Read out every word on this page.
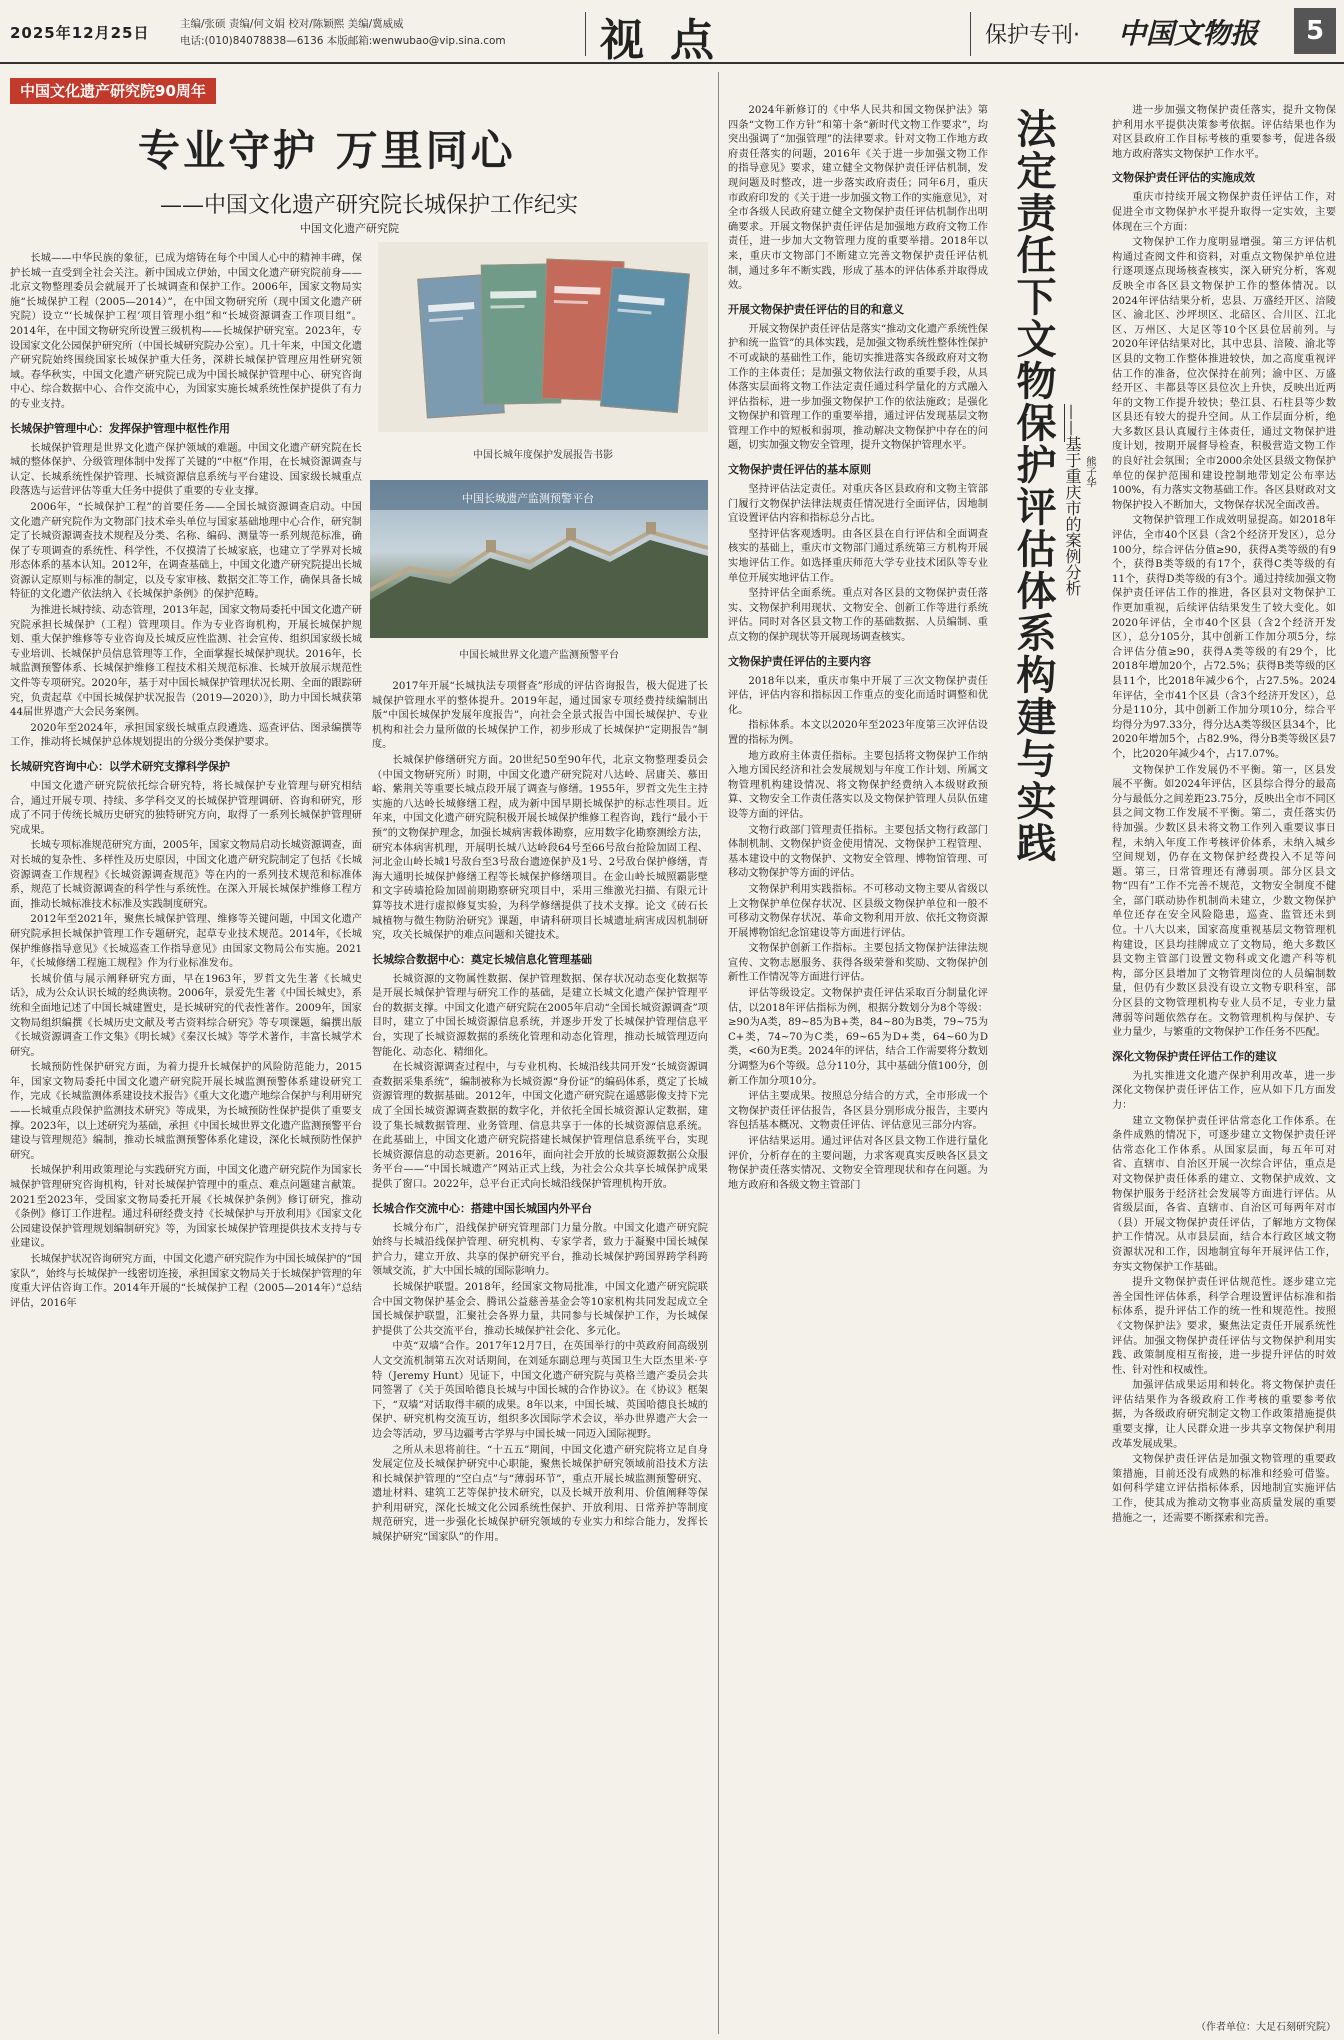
2025年12月25日	主编/张硕 责编/何文娟 校对/陈颖熙 美编/冀威威
电话:(010)84078838—6136 本版邮箱:wenwubao@vip.sina.com 视点	保护专刊· 中国文物报	5
中国文化遗产研究院90周年
专业守护 万里同心
——中国文化遗产研究院长城保护工作纪实
中国文化遗产研究院

长城——中华民族的象征，已成为熔铸在每个中国人心中的精神丰碑，保护长城一直受到全社会关注。新中国成立伊始，中国文化遗产研究院前身——北京文物整理委员会就展开了长城调查和保护工作。2006年，国家文物局实施“长城保护工程（2005—2014）”，在中国文物研究所（现中国文化遗产研究院）设立“‘长城保护工程’项目管理小组”和“长城资源调查工作项目组”。2014年，在中国文物研究所设置三级机构——长城保护研究室。2023年，专设国家文化公园保护研究所（中国长城研究院办公室）。几十年来，中国文化遗产研究院始终围绕国家长城保护重大任务，深耕长城保护管理应用性研究领域。春华秋实，中国文化遗产研究院已成为中国长城保护管理中心、研究咨询中心、综合数据中心、合作交流中心，为国家实施长城系统性保护提供了有力的专业支持。

长城保护管理中心：发挥保护管理中枢性作用

长城保护管理是世界文化遗产保护领域的难题。中国文化遗产研究院在长城的整体保护、分级管理体制中发挥了关键的“中枢”作用，在长城资源调查与认定、长城系统性保护管理、长城资源信息系统与平台建设、国家级长城重点段落选与运营评估等重大任务中提供了重要的专业支撑。

2006年，“长城保护工程”的首要任务——全国长城资源调查启动。中国文化遗产研究院作为文物部门技术牵头单位与国家基础地理中心合作，研究制定了长城资源调查技术规程及分类、名称、编码、测量等一系列规范标准，确保了专项调查的系统性、科学性，不仅摸清了长城家底，也建立了学界对长城形态体系的基本认知。2012年，在调查基础上，中国文化遗产研究院提出长城资源认定原则与标准的制定，以及专家审核、数据交汇等工作，确保具备长城特征的文化遗产依法纳入《长城保护条例》的保护范畴。

为推进长城持续、动态管理，2013年起，国家文物局委托中国文化遗产研究院承担长城保护（工程）管理项目。作为专业咨询机构，开展长城保护规划、重大保护维修等专业咨询及长城反应性监测、社会宣传、组织国家级长城专业培训、长城保护员信息管理等工作，全面掌握长城保护现状。2016年，长城监测预警体系、长城保护维修工程技术相关规范标准、长城开放展示规范性文件等专项研究。2020年，基于对中国长城保护管理状况长期、全面的跟踪研究，负责起草《中国长城保护状况报告（2019—2020）》，助力中国长城获第44届世界遗产大会民务案例。

2020年至2024年，承担国家级长城重点段遴选、巡查评估、图录编撰等工作，推动将长城保护总体规划提出的分级分类保护要求。

长城研究咨询中心：以学术研究支撑科学保护

中国文化遗产研究院依托综合研究特，将长城保护专业管理与研究相结合，通过开展专项、持续、多学科交叉的长城保护管理调研、咨询和研究，形成了不同于传统长城历史研究的独特研究方向，取得了一系列长城保护管理研究成果。

长城专项标准规范研究方面，2005年，国家文物局启动长城资源调查，面对长城的复杂性、多样性及历史原因，中国文化遗产研究院制定了包括《长城资源调查工作规程》《长城资源调查规范》等在内的一系列技术规范和标准体系，规范了长城资源调查的科学性与系统性。在深入开展长城保护维修工程方面，推动长城标准技术标准及实践制度研究。

2012年至2021年，聚焦长城保护管理、维修等关键问题，中国文化遗产研究院承担长城保护管理工作专题研究，起草专业技术规范。2014年，《长城保护维修指导意见》《长城巡查工作指导意见》由国家文物局公布实施。2021年，《长城修缮工程施工规程》作为行业标准发布。

长城价值与展示阐释研究方面，早在1963年，罗哲文先生著《长城史话》，成为公众认识长城的经典读物。2006年，景爱先生著《中国长城史》，系统和全面地记述了中国长城建置史，是长城研究的代表性著作。2009年，国家文物局组织编撰《长城历史文献及考古资料综合研究》等专项课题，编撰出版《长城资源调查工作文集》《明长城》《秦汉长城》等学术著作，丰富长城学术研究。

长城预防性保护研究方面，为着力提升长城保护的风险防范能力，2015年，国家文物局委托中国文化遗产研究院开展长城监测预警体系建设研究工作，完成《长城监测体系建设技术报告》《重大文化遗产地综合保护与利用研究——长城重点段保护监测技术研究》等成果，为长城预防性保护提供了重要支撑。2023年，以上述研究为基础，承担《中国长城世界文化遗产监测预警平台建设与管理规范》编制，推动长城监测预警体系化建设，深化长城预防性保护研究。

长城保护利用政策理论与实践研究方面，中国文化遗产研究院作为国家长城保护管理研究咨询机构，针对长城保护管理中的重点、难点问题建言献策。2021至2023年，受国家文物局委托开展《长城保护条例》修订研究，推动《条例》修订工作进程。通过科研经费支持《长城保护与开放利用》《国家文化公园建设保护管理规划编制研究》等，为国家长城保护管理提供技术支持与专业建议。

长城保护状况咨询研究方面，中国文化遗产研究院作为中国长城保护的“国家队”，始终与长城保护一线密切连接，承担国家文物局关于长城保护管理的年度重大评估咨询工作。2014年开展的“长城保护工程（2005—2014年）”总结评估，2016年

中国长城年度保护发展报告书影
中国长城遗产监测预警平台
中国长城世界文化遗产监测预警平台

2017年开展“长城执法专项督查”形成的评估咨询报告，极大促进了长城保护管理水平的整体提升。2019年起，通过国家专项经费持续编制出版“中国长城保护发展年度报告”，向社会全景式报告中国长城保护、专业机构和社会力量所做的长城保护工作，初步形成了长城保护“定期报告”制度。

长城保护修缮研究方面。20世纪50至90年代，北京文物整理委员会（中国文物研究所）时期，中国文化遗产研究院对八达岭、居庸关、慕田峪、紫荆关等重要长城点段开展了调查与修缮。1955年，罗哲文先生主持实施的八达岭长城修缮工程，成为新中国早期长城保护的标志性项目。近年来，中国文化遗产研究院积极开展长城保护维修工程咨询，践行“最小干预”的文物保护理念，加强长城病害载体勘察，应用数字化勘察测绘方法，研究本体病害机理，开展明长城八达岭段64号至66号敌台抢险加固工程、河北金山岭长城1号敌台至3号敌台遗迹保护及1号、2号敌台保护修缮，青海大通明长城保护修缮工程等长城保护修缮项目。在金山岭长城照霸影壁和文字砖墙抢险加固前期勘察研究项目中，采用三维激光扫描、有限元计算等技术进行虚拟修复实验，为科学修缮提供了技术支撑。论文《砖石长城植物与微生物防治研究》课题，申请科研项目长城遗址病害成因机制研究，攻关长城保护的难点问题和关键技术。

长城综合数据中心：奠定长城信息化管理基础

长城资源的文物属性数据、保护管理数据、保存状况动态变化数据等是开展长城保护管理与研究工作的基础，是建立长城文化遗产保护管理平台的数据支撑。中国文化遗产研究院在2005年启动“全国长城资源调查”项目时，建立了中国长城资源信息系统，并逐步开发了长城保护管理信息平台，实现了长城资源数据的系统化管理和动态化管理，推动长城管理迈向智能化、动态化、精细化。

在长城资源调查过程中，与专业机构、长城沿线共同开发“长城资源调查数据采集系统”，编制被称为长城资源“身份证”的编码体系，奠定了长城资源管理的数据基础。2012年，中国文化遗产研究院在遥感影像支持下完成了全国长城资源调查数据的数字化，并依托全国长城资源认定数据，建设了集长城数据管理、业务管理、信息共享于一体的长城资源信息系统。在此基础上，中国文化遗产研究院搭建长城保护管理信息系统平台，实现长城资源信息的动态更新。2016年，面向社会开放的长城资源数据公众服务平台——“中国长城遗产”网站正式上线，为社会公众共享长城保护成果提供了窗口。2022年，总平台正式向长城沿线保护管理机构开放。

长城合作交流中心：搭建中国长城国内外平台

长城分布广，沿线保护研究管理部门力量分散。中国文化遗产研究院始终与长城沿线保护管理、研究机构、专家学者，致力于凝聚中国长城保护合力，建立开放、共享的保护研究平台，推动长城保护跨国界跨学科跨领域交流，扩大中国长城的国际影响力。

长城保护联盟。2018年，经国家文物局批准，中国文化遗产研究院联合中国文物保护基金会、腾讯公益慈善基金会等10家机构共同发起成立全国长城保护联盟，汇聚社会各界力量，共同参与长城保护工作，为长城保护提供了公共交流平台，推动长城保护社会化、多元化。

中英“双墙”合作。2017年12月7日，在英国举行的中英政府间高级别人文交流机制第五次对话期间，在刘延东副总理与英国卫生大臣杰里米·亨特（Jeremy Hunt）见证下，中国文化遗产研究院与英格兰遗产委员会共同签署了《关于英国哈德良长城与中国长城的合作协议》。在《协议》框架下，“双墙”对话取得丰硕的成果。8年以来，中国长城、英国哈德良长城的保护、研究机构交流互访，组织多次国际学术会议，举办世界遗产大会一边会等活动，罗马边疆考古学界与中国长城一同迈入国际视野。

之所从未思将前往。“十五五”期间，中国文化遗产研究院将立足自身发展定位及长城保护研究中心职能，聚焦长城保护研究领域前沿技术方法和长城保护管理的“空白点”与“薄弱环节”，重点开展长城监测预警研究、遗址材料、建筑工艺等保护技术研究，以及长城开放利用、价值阐释等保护利用研究，深化长城文化公园系统性保护、开放利用、日常养护等制度规范研究，进一步强化长城保护研究领域的专业实力和综合能力，发挥长城保护研究“国家队”的作用。

2024年新修订的《中华人民共和国文物保护法》第四条“文物工作方针”和第十条“新时代文物工作要求”，均突出强调了“加强管理”的法律要求。针对文物工作地方政府责任落实的问题，2016年《关于进一步加强文物工作的指导意见》要求，建立健全文物保护责任评估机制，发现问题及时整改，进一步落实政府责任；同年6月，重庆市政府印发的《关于进一步加强文物工作的实施意见》，对全市各级人民政府建立健全文物保护责任评估机制作出明确要求。开展文物保护责任评估是加强地方政府文物工作责任，进一步加大文物管理力度的重要举措。2018年以来，重庆市文物部门不断建立完善文物保护责任评估机制，通过多年不断实践，形成了基本的评估体系并取得成效。

开展文物保护责任评估的目的和意义

开展文物保护责任评估是落实“推动文化遗产系统性保护和统一监管”的具体实践，是加强文物系统性整体性保护不可或缺的基础性工作，能切实推进落实各级政府对文物工作的主体责任；是加强文物依法行政的重要手段，从具体落实层面将文物工作法定责任通过科学量化的方式融入评估指标，进一步加强文物保护工作的依法施政；是强化文物保护和管理工作的重要举措，通过评估发现基层文物管理工作中的短板和弱项，推动解决文物保护中存在的问题，切实加强文物安全管理，提升文物保护管理水平。

文物保护责任评估的基本原则

坚持评估法定责任。对重庆各区县政府和文物主管部门履行文物保护法律法规责任情况进行全面评估，因地制宜设置评估内容和指标总分占比。

坚持评估客观透明。由各区县在自行评估和全面调查核实的基础上，重庆市文物部门通过系统第三方机构开展实地评估工作。如选择重庆师范大学专业技术团队等专业单位开展实地评估工作。

坚持评估全面系统。重点对各区县的文物保护责任落实、文物保护利用现状、文物安全、创新工作等进行系统评估。同时对各区县文物工作的基础数据、人员编制、重点文物的保护现状等开展现场调查核实。

文物保护责任评估的主要内容

2018年以来，重庆市集中开展了三次文物保护责任评估，评估内容和指标因工作重点的变化而适时调整和优化。

指标体系。本文以2020年至2023年度第三次评估设置的指标为例。

地方政府主体责任指标。主要包括将文物保护工作纳入地方国民经济和社会发展规划与年度工作计划、所属文物管理机构建设情况、将文物保护经费纳入本级财政预算、文物安全工作责任落实以及文物保护管理人员队伍建设等方面的评估。

文物行政部门管理责任指标。主要包括文物行政部门体制机制、文物保护资金使用情况、文物保护工程管理、基本建设中的文物保护、文物安全管理、博物馆管理、可移动文物保护等方面的评估。

文物保护利用实践指标。不可移动文物主要从省级以上文物保护单位保存状况、区县级文物保护单位和一般不可移动文物保存状况、革命文物利用开放、依托文物资源开展博物馆纪念馆建设等方面进行评估。

文物保护创新工作指标。主要包括文物保护法律法规宣传、文物志愿服务、获得各级荣誉和奖励、文物保护创新性工作情况等方面进行评估。

评估等级设定。文物保护责任评估采取百分制量化评估，以2018年评估指标为例，根据分数划分为8个等级：≥90为A类，89~85为B+类，84~80为B类，79~75为C+类，74~70为C类，69~65为D+类，64~60为D类，<60为E类。2024年的评估，结合工作需要将分数划分调整为6个等级。总分110分，其中基础分值100分，创新工作加分项10分。

评估主要成果。按照总分结合的方式，全市形成一个文物保护责任评估报告，各区县分别形成分报告，主要内容包括基本概况、文物责任评估、评估意见三部分内容。

评估结果运用。通过评估对各区县文物工作进行量化评价，分析存在的主要问题，力求客观真实反映各区县文物保护责任落实情况、文物安全管理现状和存在问题。为地方政府和各级文物主管部门

法定责任下文物保护评估体系构建与实践 ——基于重庆市的案例分析 熊子华

进一步加强文物保护责任落实，提升文物保护利用水平提供决策参考依据。评估结果也作为对区县政府工作目标考核的重要参考，促进各级地方政府落实文物保护工作水平。

文物保护责任评估的实施成效

重庆市持续开展文物保护责任评估工作，对促进全市文物保护水平提升取得一定实效，主要体现在三个方面：

文物保护工作力度明显增强。第三方评估机构通过查阅文件和资料，对重点文物保护单位进行逐项逐点现场核查核实，深入研究分析，客观反映全市各区县文物保护工作的整体情况。以2024年评估结果分析，忠县、万盛经开区、涪陵区、渝北区、沙坪坝区、北碚区、合川区、江北区、万州区、大足区等10个区县位居前列。与2020年评估结果对比，其中忠县、涪陵、渝北等区县的文物工作整体推进较快，加之高度重视评估工作的准备，位次保持在前列；渝中区、万盛经开区、丰都县等区县位次上升快，反映出近两年的文物工作提升较快；垫江县、石柱县等少数区县还有较大的提升空间。从工作层面分析，绝大多数区县认真履行主体责任，通过文物保护进度计划，按期开展督导检查，积极营造文物工作的良好社会氛围；全市2000余处区县级文物保护单位的保护范围和建设控制地带划定公布率达100%，有力落实文物基础工作。各区县财政对文物保护投入不断加大，文物保存状况全面改善。

文物保护管理工作成效明显提高。如2018年评估，全市40个区县（含2个经济开发区），总分100分，综合评估分值≥90，获得A类等级的有9个，获得B类等级的有17个，获得C类等级的有11个，获得D类等级的有3个。通过持续加强文物保护责任评估工作的推进，各区县对文物保护工作更加重视，后续评估结果发生了较大变化。如2020年评估，全市40个区县（含2个经济开发区），总分105分，其中创新工作加分项5分，综合评估分值≥90，获得A类等级的有29个，比2018年增加20个，占72.5%；获得B类等级的区县11个，比2018年减少6个，占27.5%。2024年评估，全市41个区县（含3个经济开发区），总分是110分，其中创新工作加分项10分，综合平均得分为97.33分，得分达A类等级区县34个，比2020年增加5个，占82.9%，得分B类等级区县7个，比2020年减少4个，占17.07%。

文物保护工作发展仍不平衡。第一，区县发展不平衡。如2024年评估，区县综合得分的最高分与最低分之间差距23.75分，反映出全市不同区县之间文物工作发展不平衡。第二，责任落实仍待加强。少数区县未将文物工作列入重要议事日程，未纳入年度工作考核评价体系，未纳入城乡空间规划，仍存在文物保护经费投入不足等问题。第三，日常管理还有薄弱项。部分区县文物“四有”工作不完善不规范，文物安全制度不健全，部门联动协作机制尚未建立，少数文物保护单位还存在安全风险隐患，巡查、监管还未到位。十八大以来，国家高度重视基层文物管理机构建设，区县均挂牌成立了文物局，绝大多数区县文物主管部门设置文物科或文化遗产科等机构，部分区县增加了文物管理岗位的人员编制数量，但仍有少数区县没有设立文物专职科室，部分区县的文物管理机构专业人员不足，专业力量薄弱等问题依然存在。文物管理机构与保护、专业力量少，与繁重的文物保护工作任务不匹配。

深化文物保护责任评估工作的建议

为扎实推进文化遗产保护利用改革，进一步深化文物保护责任评估工作，应从如下几方面发力：

建立文物保护责任评估常态化工作体系。在条件成熟的情况下，可逐步建立文物保护责任评估常态化工作体系。从国家层面，每五年可对省、直辖市、自治区开展一次综合评估，重点是对文物保护责任体系的建立、文物保护成效、文物保护服务于经济社会发展等方面进行评估。从省级层面，各省、直辖市、自治区可每两年对市（县）开展文物保护责任评估，了解地方文物保护工作情况。从市县层面，结合本行政区域文物资源状况和工作，因地制宜每年开展评估工作，夯实文物保护工作基础。

提升文物保护责任评估规范性。逐步建立完善全国性评估体系，科学合理设置评估标准和指标体系，提升评估工作的统一性和规范性。按照《文物保护法》要求，聚焦法定责任开展系统性评估。加强文物保护责任评估与文物保护利用实践、政策制度相互衔接，进一步提升评估的时效性、针对性和权威性。

加强评估成果运用和转化。将文物保护责任评估结果作为各级政府工作考核的重要参考依据，为各级政府研究制定文物工作政策措施提供重要支撑，让人民群众进一步共享文物保护利用改革发展成果。

文物保护责任评估是加强文物管理的重要政策措施，目前还没有成熟的标准和经验可借鉴。如何科学建立评估指标体系，因地制宜实施评估工作，使其成为推动文物事业高质量发展的重要措施之一，还需要不断探索和完善。

（作者单位：大足石刻研究院）
